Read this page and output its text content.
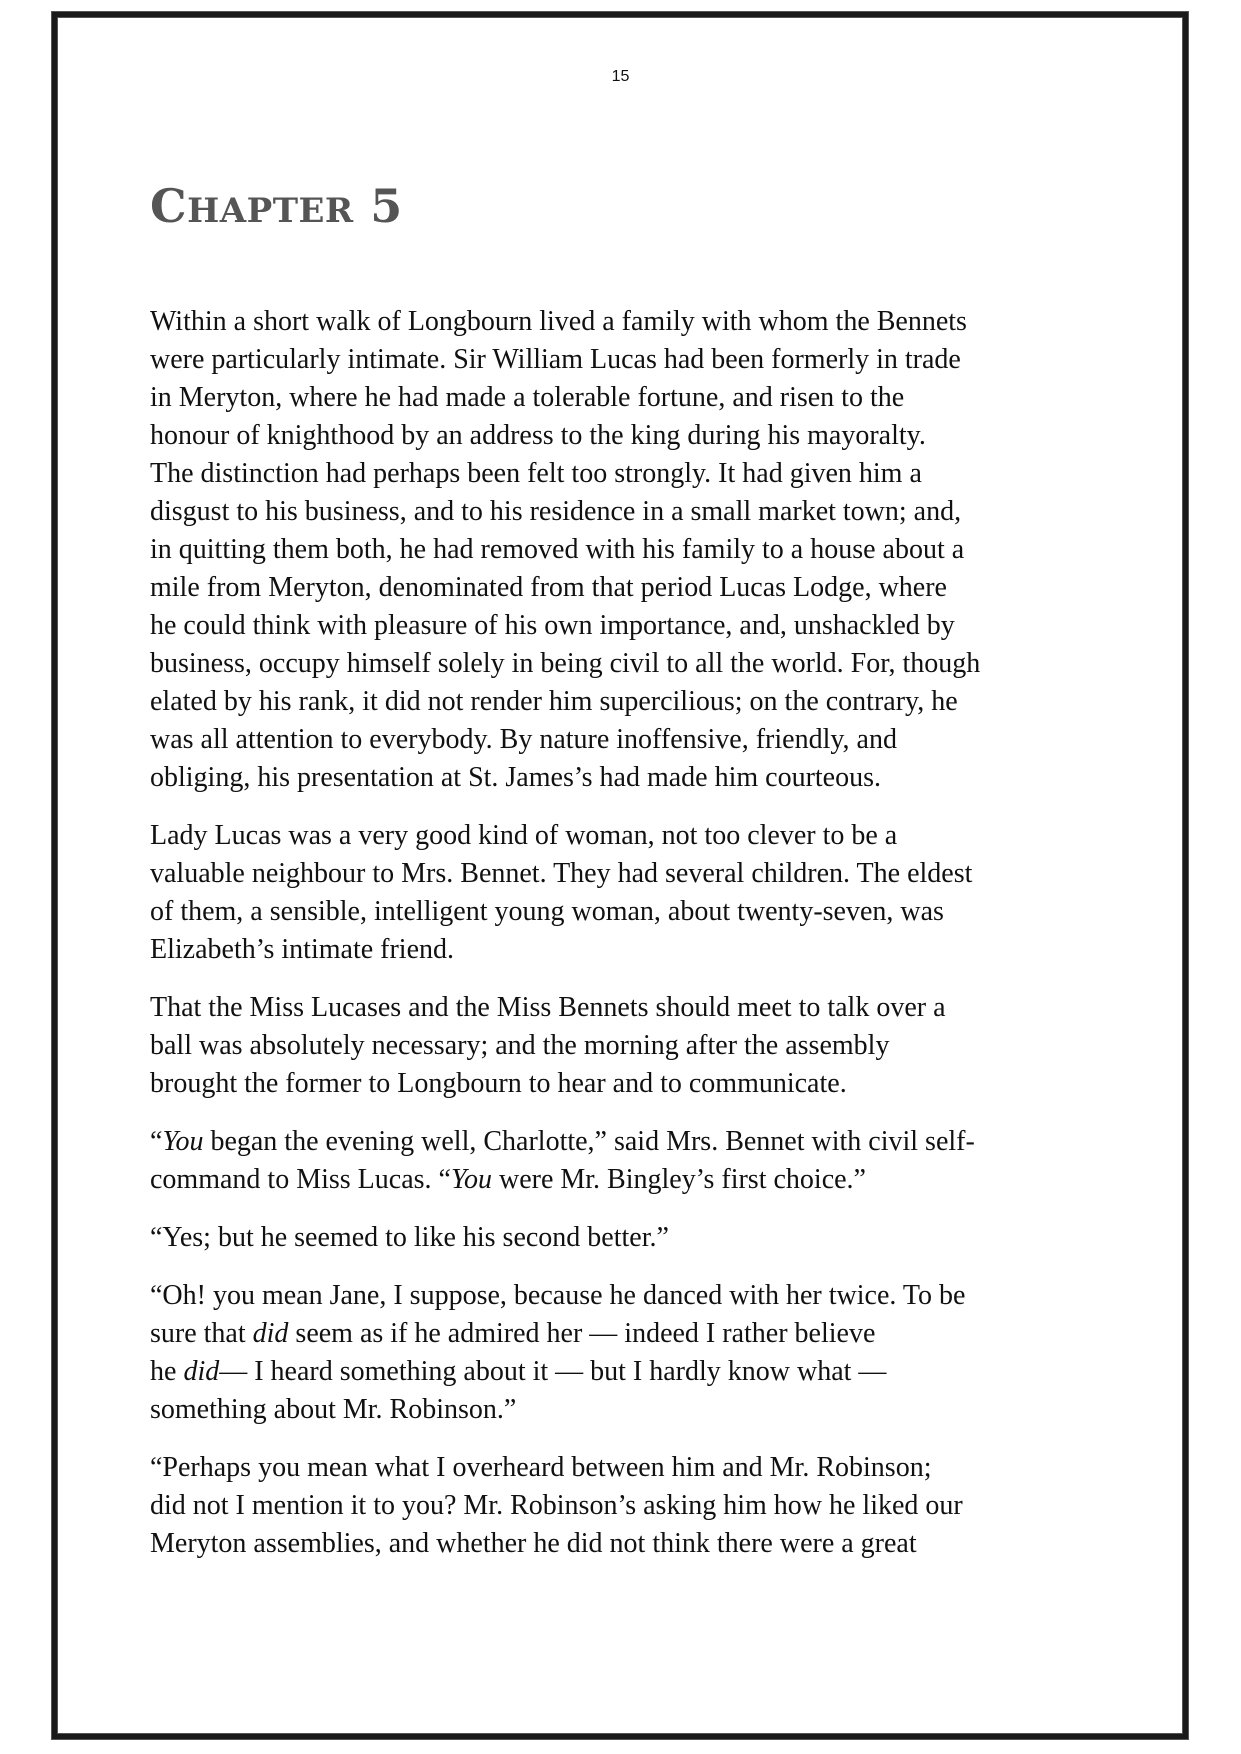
15
CHAPTER 5

Within a short walk of Longbourn lived a family with whom the Bennets
were particularly intimate. Sir William Lucas had been formerly in trade
in Meryton, where he had made a tolerable fortune, and risen to the
honour of knighthood by an address to the king during his mayoralty.
The distinction had perhaps been felt too strongly. It had given him a
disgust to his business, and to his residence in a small market town; and,
in quitting them both, he had removed with his family to a house about a
mile from Meryton, denominated from that period Lucas Lodge, where
he could think with pleasure of his own importance, and, unshackled by
business, occupy himself solely in being civil to all the world. For, though
elated by his rank, it did not render him supercilious; on the contrary, he
was all attention to everybody. By nature inoffensive, friendly, and
obliging, his presentation at St. James’s had made him courteous.

Lady Lucas was a very good kind of woman, not too clever to be a
valuable neighbour to Mrs. Bennet. They had several children. The eldest
of them, a sensible, intelligent young woman, about twenty-seven, was
Elizabeth’s intimate friend.

That the Miss Lucases and the Miss Bennets should meet to talk over a
ball was absolutely necessary; and the morning after the assembly
brought the former to Longbourn to hear and to communicate.

“You began the evening well, Charlotte,” said Mrs. Bennet with civil self-
command to Miss Lucas. “You were Mr. Bingley’s first choice.”

“Yes; but he seemed to like his second better.”

“Oh! you mean Jane, I suppose, because he danced with her twice. To be
sure that did seem as if he admired her — indeed I rather believe
he did— I heard something about it — but I hardly know what —
something about Mr. Robinson.”

“Perhaps you mean what I overheard between him and Mr. Robinson;
did not I mention it to you? Mr. Robinson’s asking him how he liked our
Meryton assemblies, and whether he did not think there were a great
